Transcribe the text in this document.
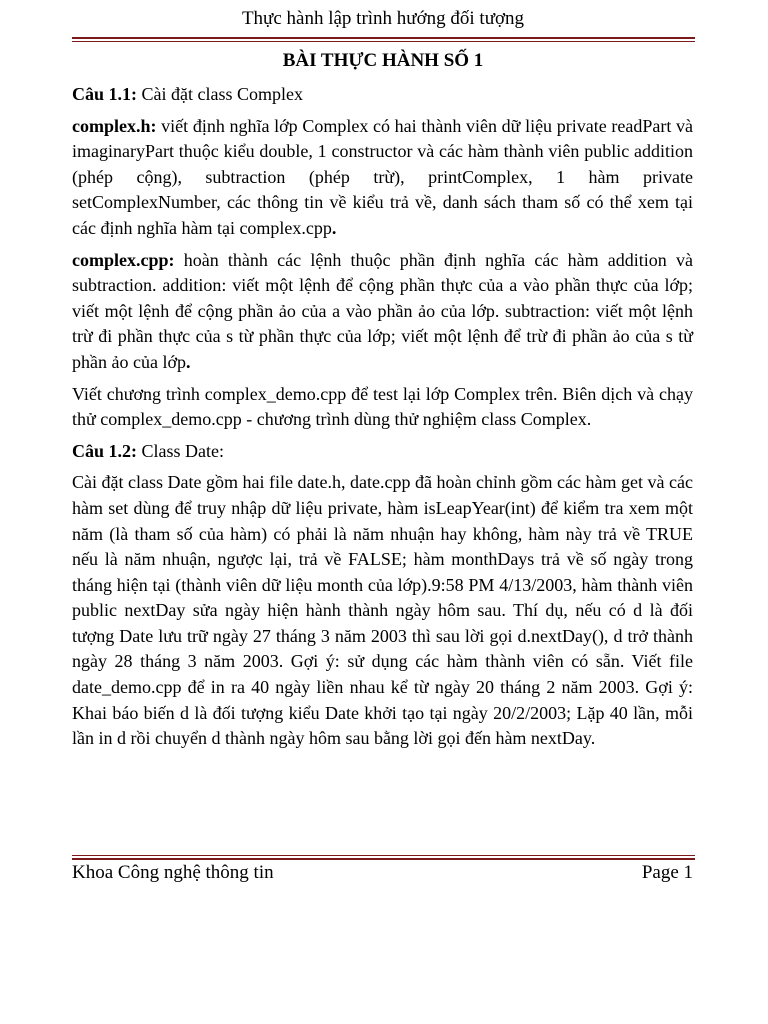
Thực hành lập trình hướng đối tượng
BÀI THỰC HÀNH SỐ 1

Câu 1.1: Cài đặt class Complex

complex.h: viết định nghĩa lớp Complex có hai thành viên dữ liệu private readPart và imaginaryPart thuộc kiểu double, 1 constructor và các hàm thành viên public addition (phép cộng), subtraction (phép trừ), printComplex, 1 hàm private setComplexNumber, các thông tin về kiểu trả về, danh sách tham số có thể xem tại các định nghĩa hàm tại complex.cpp.

complex.cpp: hoàn thành các lệnh thuộc phần định nghĩa các hàm addition và subtraction. addition: viết một lệnh để cộng phần thực của a vào phần thực của lớp; viết một lệnh để cộng phần ảo của a vào phần ảo của lớp. subtraction: viết một lệnh trừ đi phần thực của s từ phần thực của lớp; viết một lệnh để trừ đi phần ảo của s từ phần ảo của lớp.

Viết chương trình complex_demo.cpp để test lại lớp Complex trên. Biên dịch và chạy thử complex_demo.cpp - chương trình dùng thử nghiệm class Complex.

Câu 1.2: Class Date:

Cài đặt class Date gồm hai file date.h, date.cpp đã hoàn chỉnh gồm các hàm get và các hàm set dùng để truy nhập dữ liệu private, hàm isLeapYear(int) để kiểm tra xem một năm (là tham số của hàm) có phải là năm nhuận hay không, hàm này trả về TRUE nếu là năm nhuận, ngược lại, trả về FALSE; hàm monthDays trả về số ngày trong tháng hiện tại (thành viên dữ liệu month của lớp).9:58 PM 4/13/2003, hàm thành viên public nextDay sửa ngày hiện hành thành ngày hôm sau. Thí dụ, nếu có d là đối tượng Date lưu trữ ngày 27 tháng 3 năm 2003 thì sau lời gọi d.nextDay(), d trở thành ngày 28 tháng 3 năm 2003. Gợi ý: sử dụng các hàm thành viên có sẵn. Viết file date_demo.cpp để in ra 40 ngày liền nhau kể từ ngày 20 tháng 2 năm 2003. Gợi ý: Khai báo biến d là đối tượng kiểu Date khởi tạo tại ngày 20/2/2003; Lặp 40 lần, mỗi lần in d rồi chuyển d thành ngày hôm sau bằng lời gọi đến hàm nextDay.

Khoa Công nghệ thông tin	Page 1
